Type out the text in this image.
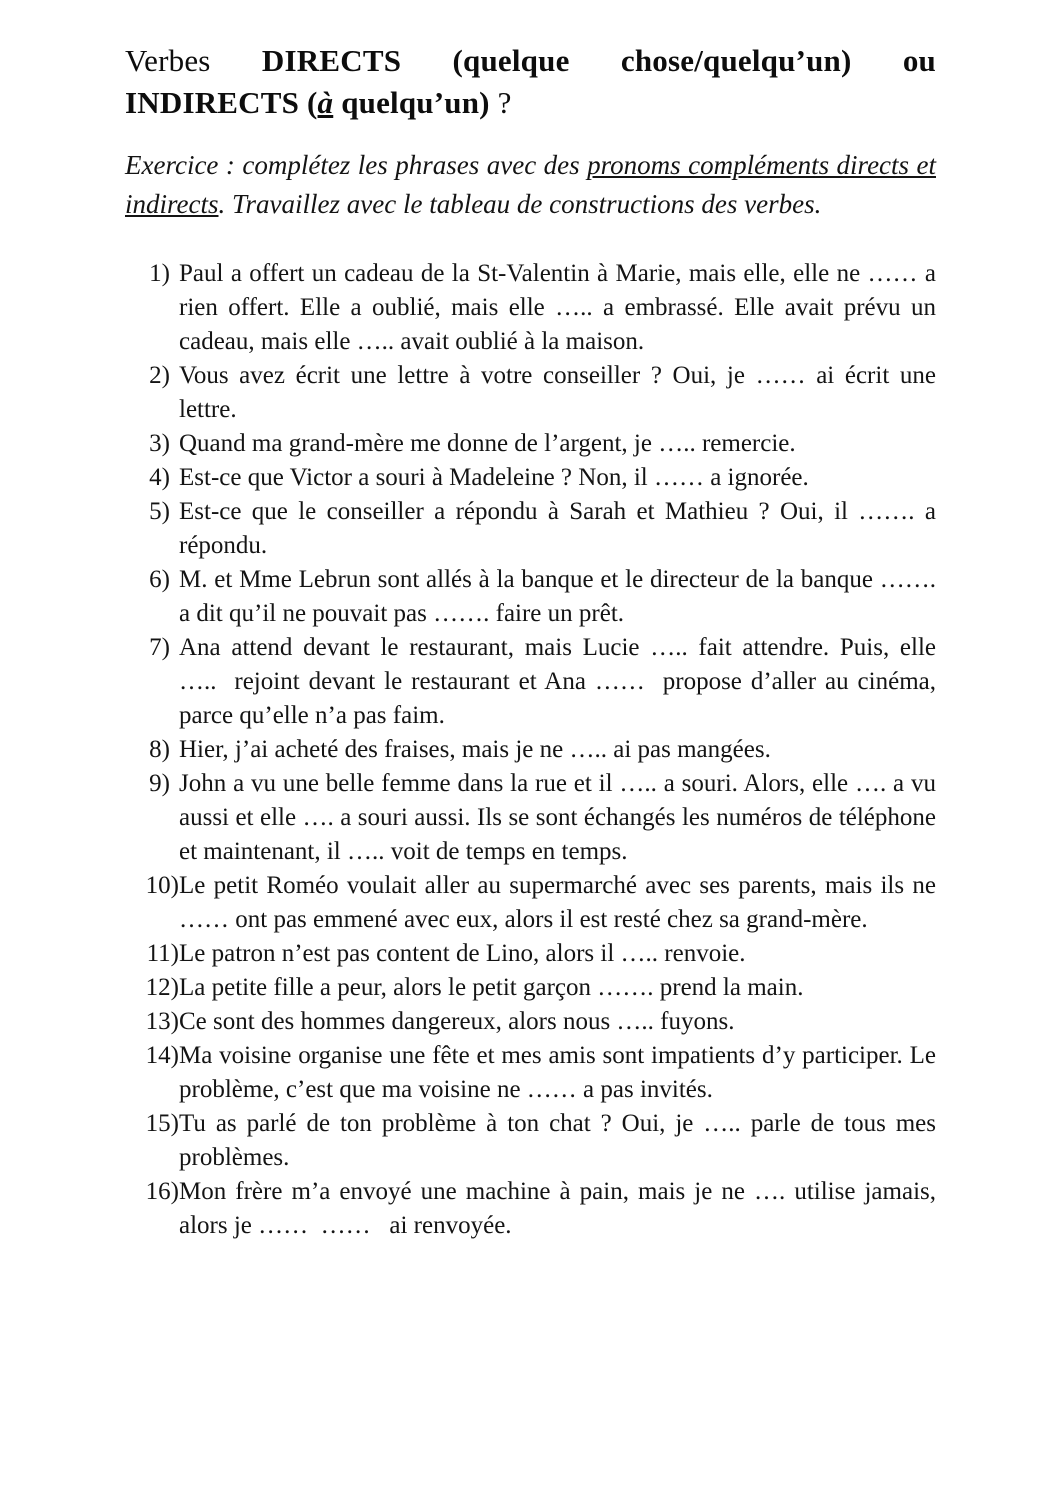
Verbes DIRECTS (quelque chose/quelqu’un) ou INDIRECTS (à quelqu’un) ?

Exercice : complétez les phrases avec des pronoms compléments directs et indirects. Travaillez avec le tableau de constructions des verbes.

1) Paul a offert un cadeau de la St-Valentin à Marie, mais elle, elle ne …… a rien offert. Elle a oublié, mais elle ….. a embrassé. Elle avait prévu un cadeau, mais elle ….. avait oublié à la maison.
2) Vous avez écrit une lettre à votre conseiller ? Oui, je …… ai écrit une lettre.
3) Quand ma grand-mère me donne de l’argent, je ….. remercie.
4) Est-ce que Victor a souri à Madeleine ? Non, il …… a ignorée.
5) Est-ce que le conseiller a répondu à Sarah et Mathieu ? Oui, il ……. a répondu.
6) M. et Mme Lebrun sont allés à la banque et le directeur de la banque ……. a dit qu’il ne pouvait pas ……. faire un prêt.
7) Ana attend devant le restaurant, mais Lucie ….. fait attendre. Puis, elle …..  rejoint devant le restaurant et Ana ……  propose d’aller au cinéma, parce qu’elle n’a pas faim.
8) Hier, j’ai acheté des fraises, mais je ne ….. ai pas mangées.
9) John a vu une belle femme dans la rue et il ….. a souri. Alors, elle …. a vu aussi et elle …. a souri aussi. Ils se sont échangés les numéros de téléphone et maintenant, il ….. voit de temps en temps.
10)Le petit Roméo voulait aller au supermarché avec ses parents, mais ils ne …… ont pas emmené avec eux, alors il est resté chez sa grand-mère.
11)Le patron n’est pas content de Lino, alors il ….. renvoie.
12)La petite fille a peur, alors le petit garçon ……. prend la main.
13)Ce sont des hommes dangereux, alors nous ….. fuyons.
14)Ma voisine organise une fête et mes amis sont impatients d’y participer. Le problème, c’est que ma voisine ne …… a pas invités.
15)Tu as parlé de ton problème à ton chat ? Oui, je ….. parle de tous mes problèmes.
16)Mon frère m’a envoyé une machine à pain, mais je ne …. utilise jamais, alors je ……  ……   ai renvoyée.
